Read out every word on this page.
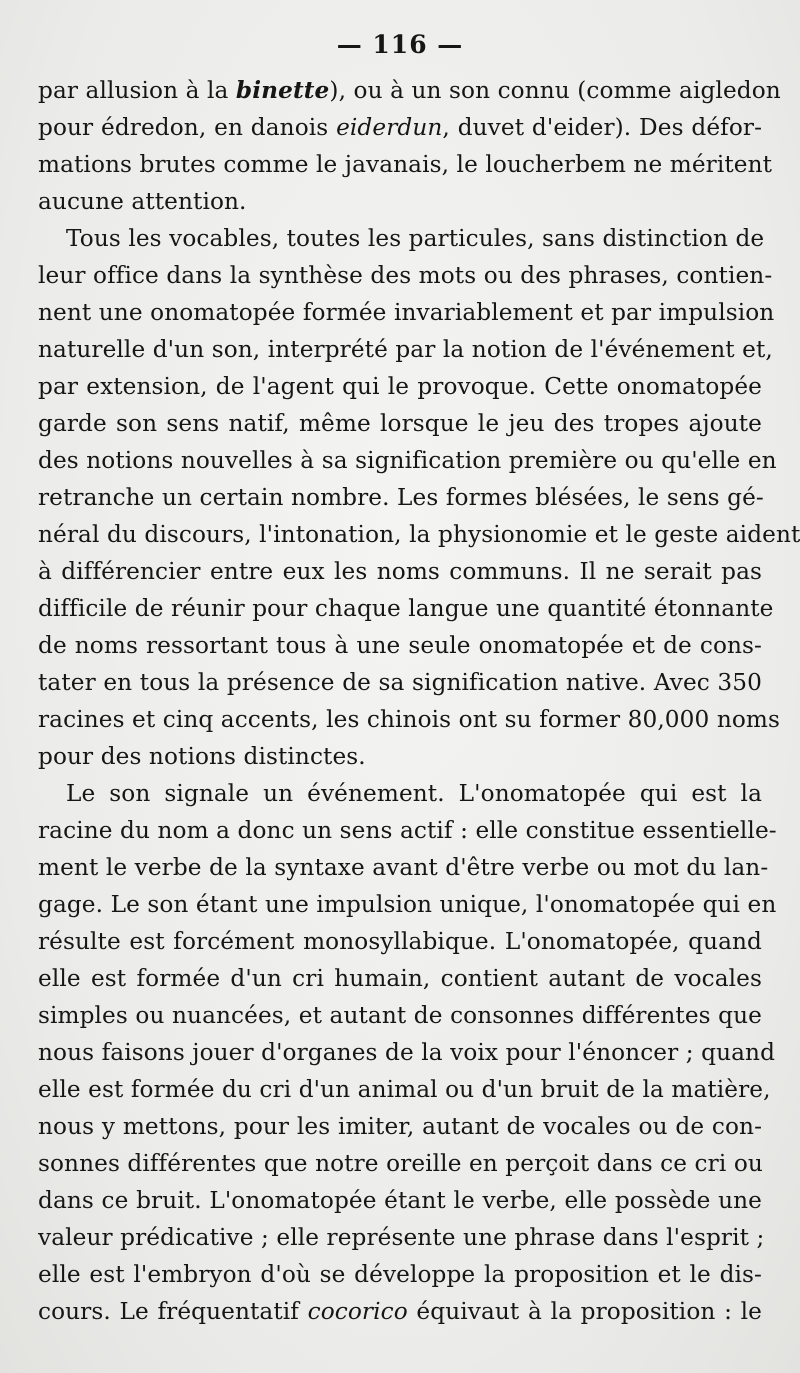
— 116 —
par allusion à la binette), ou à un son connu (comme aigledon
pour édredon, en danois eiderdun, duvet d'eider). Des défor-
mations brutes comme le javanais, le loucherbem ne méritent
aucune attention.
Tous les vocables, toutes les particules, sans distinction de
leur office dans la synthèse des mots ou des phrases, contien-
nent une onomatopée formée invariablement et par impulsion
naturelle d'un son, interprété par la notion de l'événement et,
par extension, de l'agent qui le provoque. Cette onomatopée
garde son sens natif, même lorsque le jeu des tropes ajoute
des notions nouvelles à sa signification première ou qu'elle en
retranche un certain nombre. Les formes blésées, le sens gé-
néral du discours, l'intonation, la physionomie et le geste aident
à différencier entre eux les noms communs. Il ne serait pas
difficile de réunir pour chaque langue une quantité étonnante
de noms ressortant tous à une seule onomatopée et de cons-
tater en tous la présence de sa signification native. Avec 350
racines et cinq accents, les chinois ont su former 80,000 noms
pour des notions distinctes.
Le son signale un événement. L'onomatopée qui est la
racine du nom a donc un sens actif : elle constitue essentielle-
ment le verbe de la syntaxe avant d'être verbe ou mot du lan-
gage. Le son étant une impulsion unique, l'onomatopée qui en
résulte est forcément monosyllabique. L'onomatopée, quand
elle est formée d'un cri humain, contient autant de vocales
simples ou nuancées, et autant de consonnes différentes que
nous faisons jouer d'organes de la voix pour l'énoncer ; quand
elle est formée du cri d'un animal ou d'un bruit de la matière,
nous y mettons, pour les imiter, autant de vocales ou de con-
sonnes différentes que notre oreille en perçoit dans ce cri ou
dans ce bruit. L'onomatopée étant le verbe, elle possède une
valeur prédicative ; elle représente une phrase dans l'esprit ;
elle est l'embryon d'où se développe la proposition et le dis-
cours. Le fréquentatif cocorico équivaut à la proposition : le
